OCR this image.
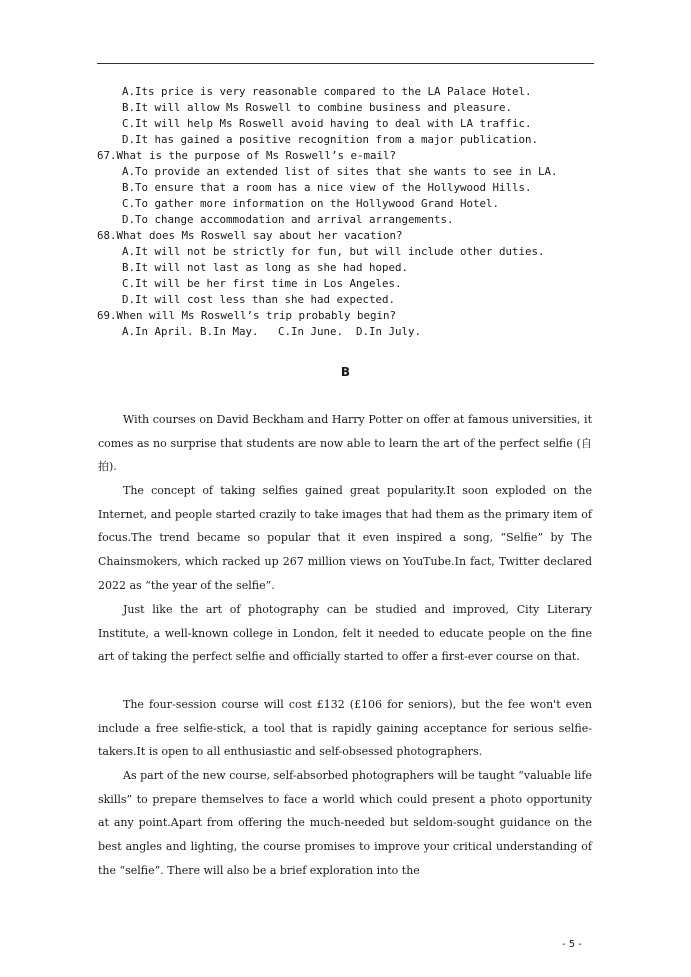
A.Its price is very reasonable compared to the LA Palace Hotel.
B.It will allow Ms Roswell to combine business and pleasure.
C.It will help Ms Roswell avoid having to deal with LA traffic.
D.It has gained a positive recognition from a major publication.
67.What is the purpose of Ms Roswell’s e-mail?
A.To provide an extended list of sites that she wants to see in LA.
B.To ensure that a room has a nice view of the Hollywood Hills.
C.To gather more information on the Hollywood Grand Hotel.
D.To change accommodation and arrival arrangements.
68.What does Ms Roswell say about her vacation?
A.It will not be strictly for fun, but will include other duties.
B.It will not last as long as she had hoped.
C.It will be her first time in Los Angeles.
D.It will cost less than she had expected.
69.When will Ms Roswell’s trip probably begin?
A.In April. B.In May.   C.In June.  D.In July.
B

With courses on David Beckham and Harry Potter on offer at famous universities, it comes as no surprise that students are now able to learn the art of the perfect selfie (自拍).

The concept of taking selfies gained great popularity.It soon exploded on the Internet, and people started crazily to take images that had them as the primary item of focus.The trend became so popular that it even inspired a song, “Selfie” by The Chainsmokers, which racked up 267 million views on YouTube.In fact, Twitter declared 2022 as “the year of the selfie”.

Just like the art of photography can be studied and improved, City Literary Institute, a well-known college in London, felt it needed to educate people on the fine art of taking the perfect selfie and officially started to offer a first-ever course on that.

The four-session course will cost £132 (£106 for seniors), but the fee won't even include a free selfie-stick, a tool that is rapidly gaining acceptance for serious selfie-takers.It is open to all enthusiastic and self-obsessed photographers.

As part of the new course, self-absorbed photographers will be taught “valuable life skills” to prepare themselves to face a world which could present a photo opportunity at any point.Apart from offering the much-needed but seldom-sought guidance on the best angles and lighting, the course promises to improve your critical understanding of the “selfie”. There will also be a brief exploration into the

- 5 -
